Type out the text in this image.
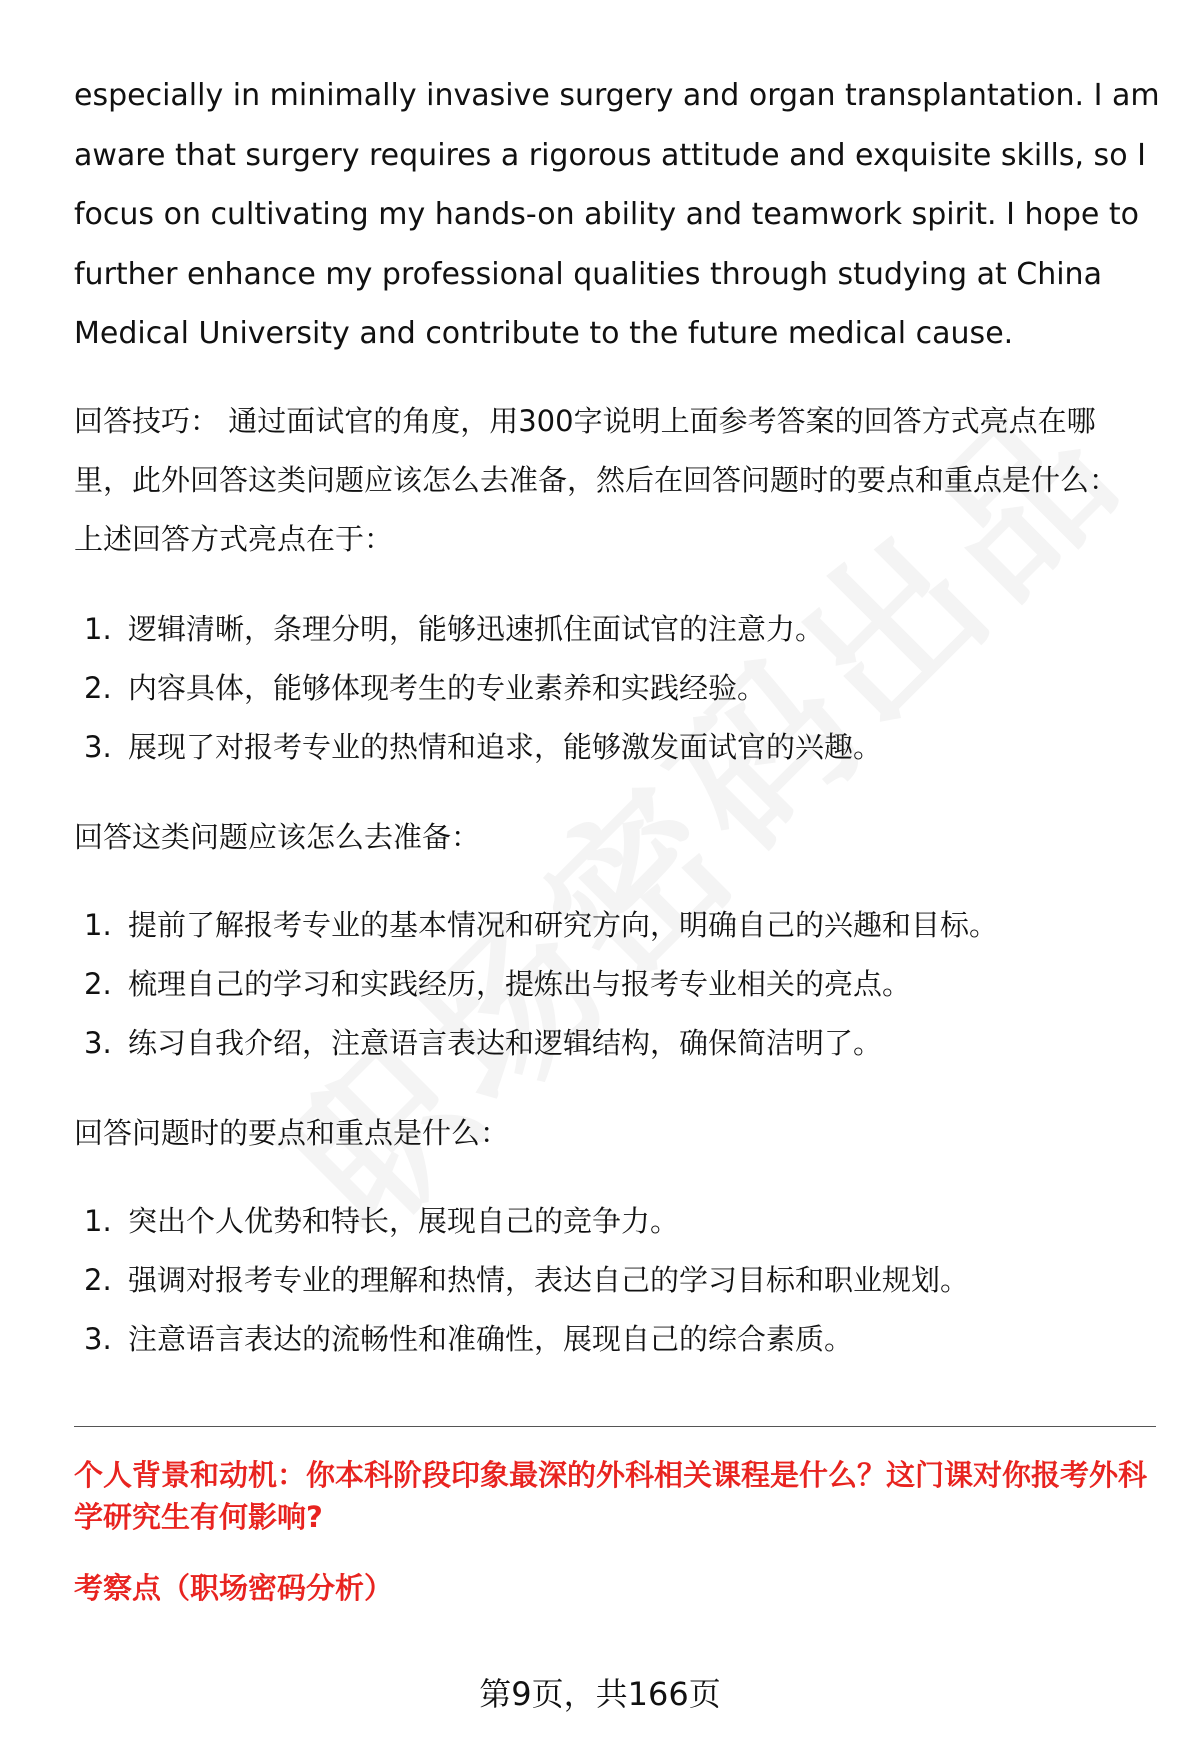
especially in minimally invasive surgery and organ transplantation. I am
aware that surgery requires a rigorous attitude and exquisite skills, so I
focus on cultivating my hands-on ability and teamwork spirit. I hope to
further enhance my professional qualities through studying at China
Medical University and contribute to the future medical cause.
回答技巧： 通过面试官的角度，用300字说明上面参考答案的回答方式亮点在哪
里，此外回答这类问题应该怎么去准备，然后在回答问题时的要点和重点是什么：
上述回答方式亮点在于：
1. 逻辑清晰，条理分明，能够迅速抓住面试官的注意力。
2. 内容具体，能够体现考生的专业素养和实践经验。
3. 展现了对报考专业的热情和追求，能够激发面试官的兴趣。
回答这类问题应该怎么去准备：
1. 提前了解报考专业的基本情况和研究方向，明确自己的兴趣和目标。
2. 梳理自己的学习和实践经历，提炼出与报考专业相关的亮点。
3. 练习自我介绍，注意语言表达和逻辑结构，确保简洁明了。
回答问题时的要点和重点是什么：
1. 突出个人优势和特长，展现自己的竞争力。
2. 强调对报考专业的理解和热情，表达自己的学习目标和职业规划。
3. 注意语言表达的流畅性和准确性，展现自己的综合素质。
个人背景和动机：你本科阶段印象最深的外科相关课程是什么？这门课对你报考外科学研究生有何影响?
考察点（职场密码分析）
第9页，共166页
